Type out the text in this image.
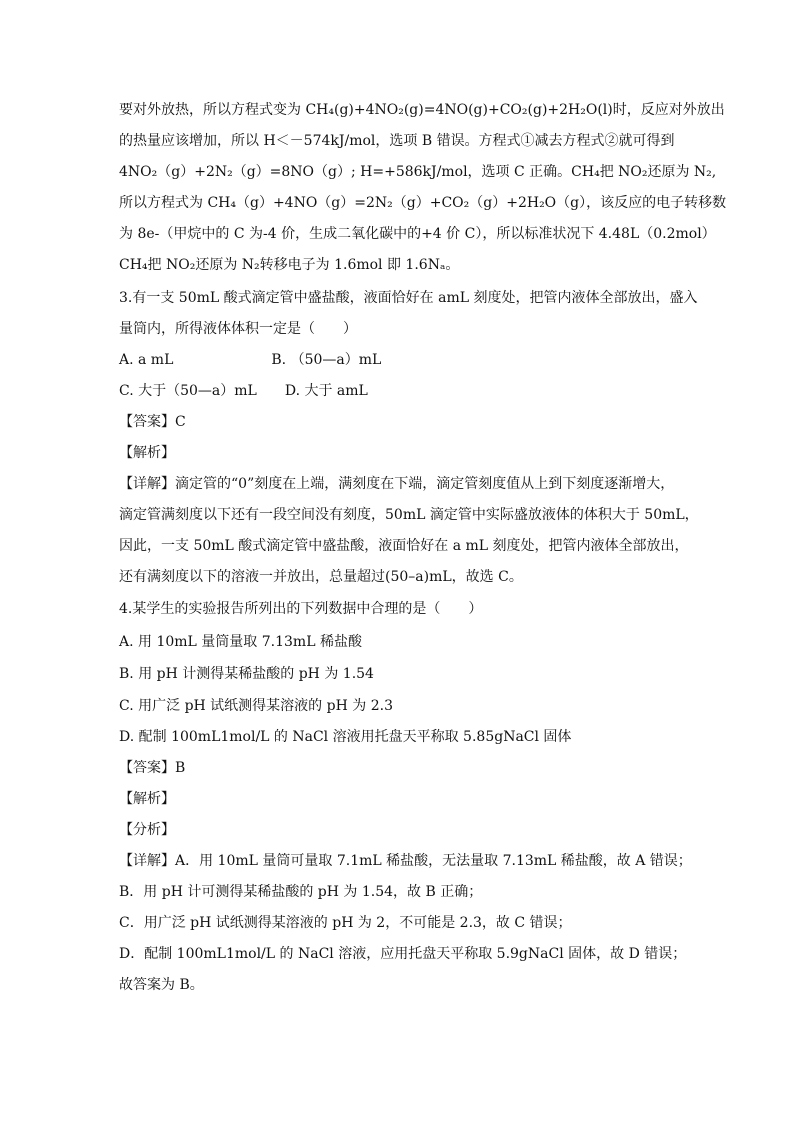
要对外放热，所以方程式变为 CH₄(g)+4NO₂(g)=4NO(g)+CO₂(g)+2H₂O(l)时，反应对外放出
的热量应该增加，所以 H＜－574kJ/mol，选项 B 错误。方程式①减去方程式②就可得到
4NO₂（g）+2N₂（g）=8NO（g）; H=+586kJ/mol，选项 C 正确。CH₄把 NO₂还原为 N₂,
所以方程式为 CH₄（g）+4NO（g）=2N₂（g）+CO₂（g）+2H₂O（g），该反应的电子转移数
为 8e-（甲烷中的 C 为-4 价，生成二氧化碳中的+4 价 C），所以标准状况下 4.48L（0.2mol）
CH₄把 NO₂还原为 N₂转移电子为 1.6mol 即 1.6Nₐ。
3.有一支 50mL 酸式滴定管中盛盐酸，液面恰好在 amL 刻度处，把管内液体全部放出，盛入
量筒内，所得液体体积一定是（　　）
A. a mL　　　　　　　B. （50—a）mL
C. 大于（50—a）mL　　D. 大于 amL
【答案】C
【解析】
【详解】滴定管的“0”刻度在上端，满刻度在下端，滴定管刻度值从上到下刻度逐渐增大，
滴定管满刻度以下还有一段空间没有刻度，50mL 滴定管中实际盛放液体的体积大于 50mL，
因此，一支 50mL 酸式滴定管中盛盐酸，液面恰好在 a mL 刻度处，把管内液体全部放出，
还有满刻度以下的溶液一并放出，总量超过(50–a)mL，故选 C。
4.某学生的实验报告所列出的下列数据中合理的是（　　）
A. 用 10mL 量筒量取 7.13mL 稀盐酸
B. 用 pH 计测得某稀盐酸的 pH 为 1.54
C. 用广泛 pH 试纸测得某溶液的 pH 为 2.3
D. 配制 100mL1mol/L 的 NaCl 溶液用托盘天平称取 5.85gNaCl 固体
【答案】B
【解析】
【分析】
【详解】A．用 10mL 量筒可量取 7.1mL 稀盐酸，无法量取 7.13mL 稀盐酸，故 A 错误；
B．用 pH 计可测得某稀盐酸的 pH 为 1.54，故 B 正确；
C．用广泛 pH 试纸测得某溶液的 pH 为 2，不可能是 2.3，故 C 错误；
D．配制 100mL1mol/L 的 NaCl 溶液，应用托盘天平称取 5.9gNaCl 固体，故 D 错误；
故答案为 B。
